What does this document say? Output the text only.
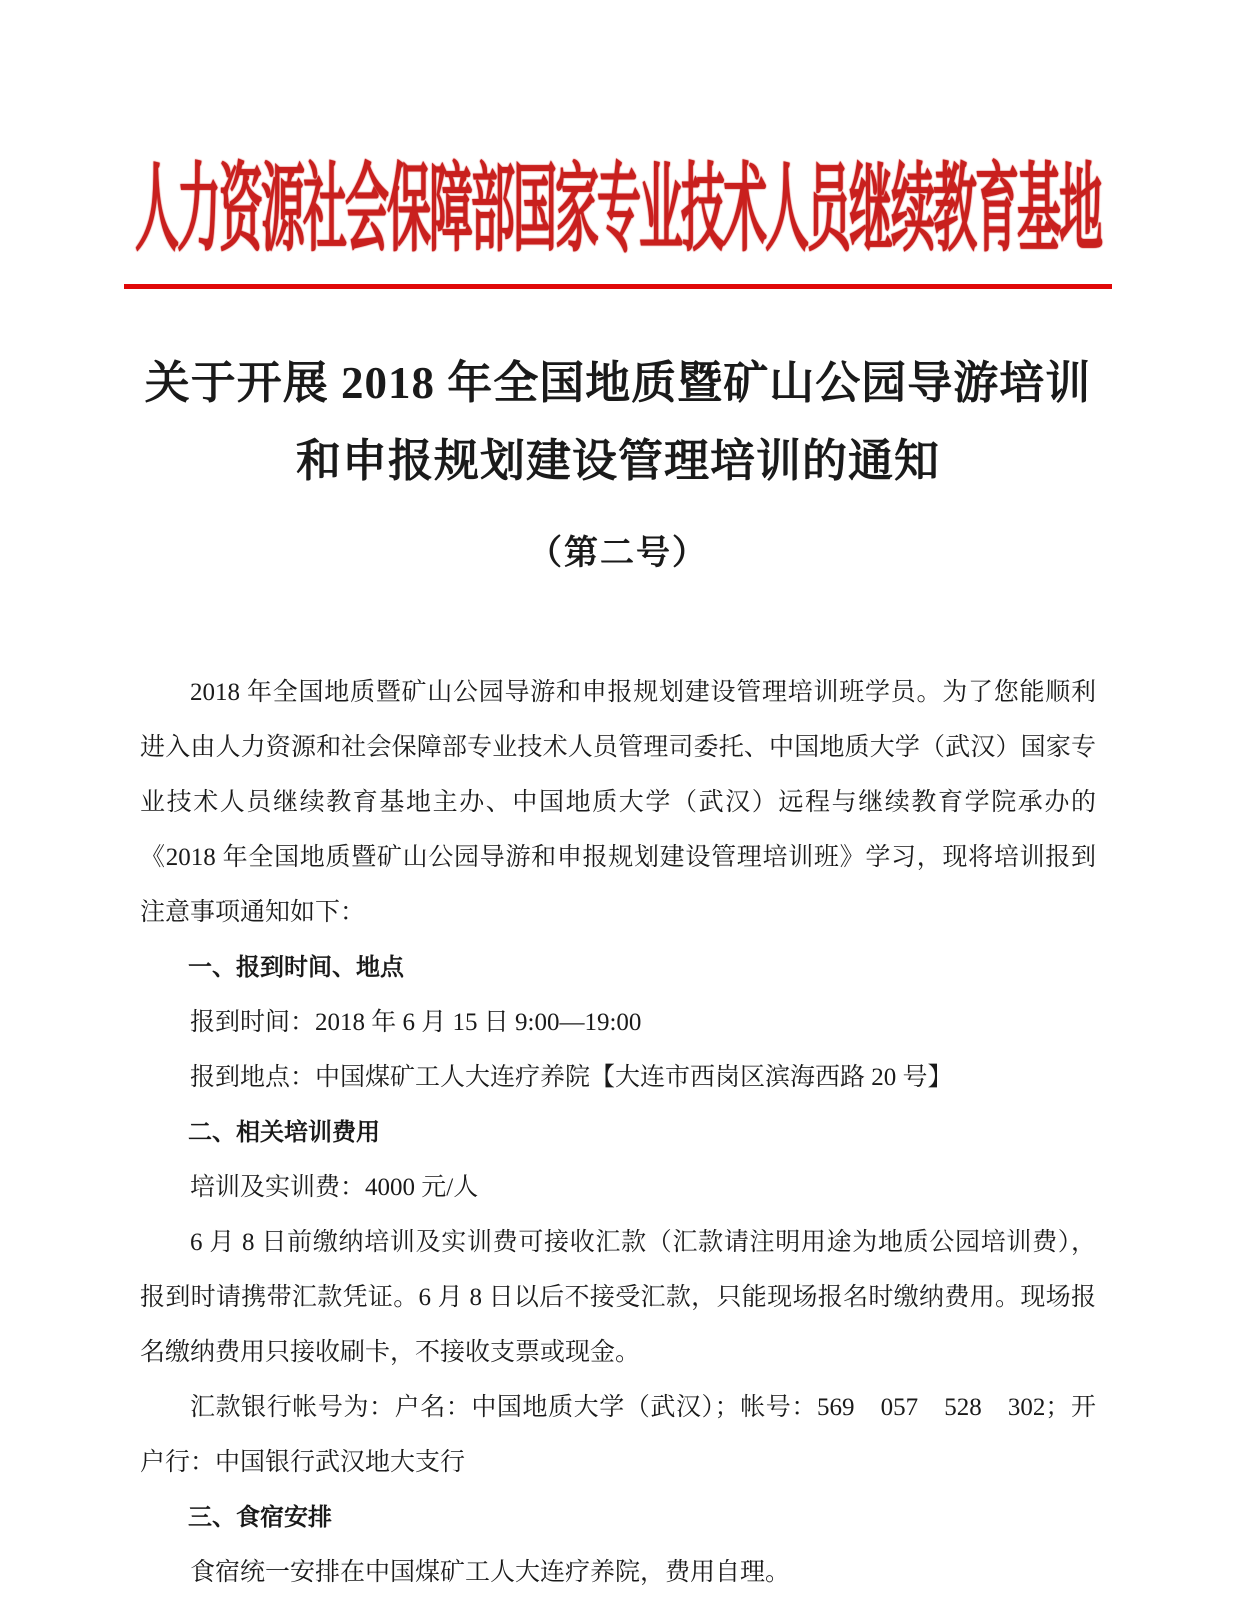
人力资源社会保障部国家专业技术人员继续教育基地
关于开展 2018 年全国地质暨矿山公园导游培训
和申报规划建设管理培训的通知
（第二号）

2018 年全国地质暨矿山公园导游和申报规划建设管理培训班学员。为了您能顺利进入由人力资源和社会保障部专业技术人员管理司委托、中国地质大学（武汉）国家专业技术人员继续教育基地主办、中国地质大学（武汉）远程与继续教育学院承办的《2018 年全国地质暨矿山公园导游和申报规划建设管理培训班》学习，现将培训报到注意事项通知如下：

一、报到时间、地点

报到时间：2018 年 6 月 15 日 9:00—19:00

报到地点：中国煤矿工人大连疗养院【大连市西岗区滨海西路 20 号】

二、相关培训费用

培训及实训费：4000 元/人

6 月 8 日前缴纳培训及实训费可接收汇款（汇款请注明用途为地质公园培训费），报到时请携带汇款凭证。6 月 8 日以后不接受汇款，只能现场报名时缴纳费用。现场报名缴纳费用只接收刷卡，不接收支票或现金。

汇款银行帐号为：户名：中国地质大学（武汉）；帐号：569　057　528　302；开户行：中国银行武汉地大支行

三、食宿安排

食宿统一安排在中国煤矿工人大连疗养院，费用自理。
